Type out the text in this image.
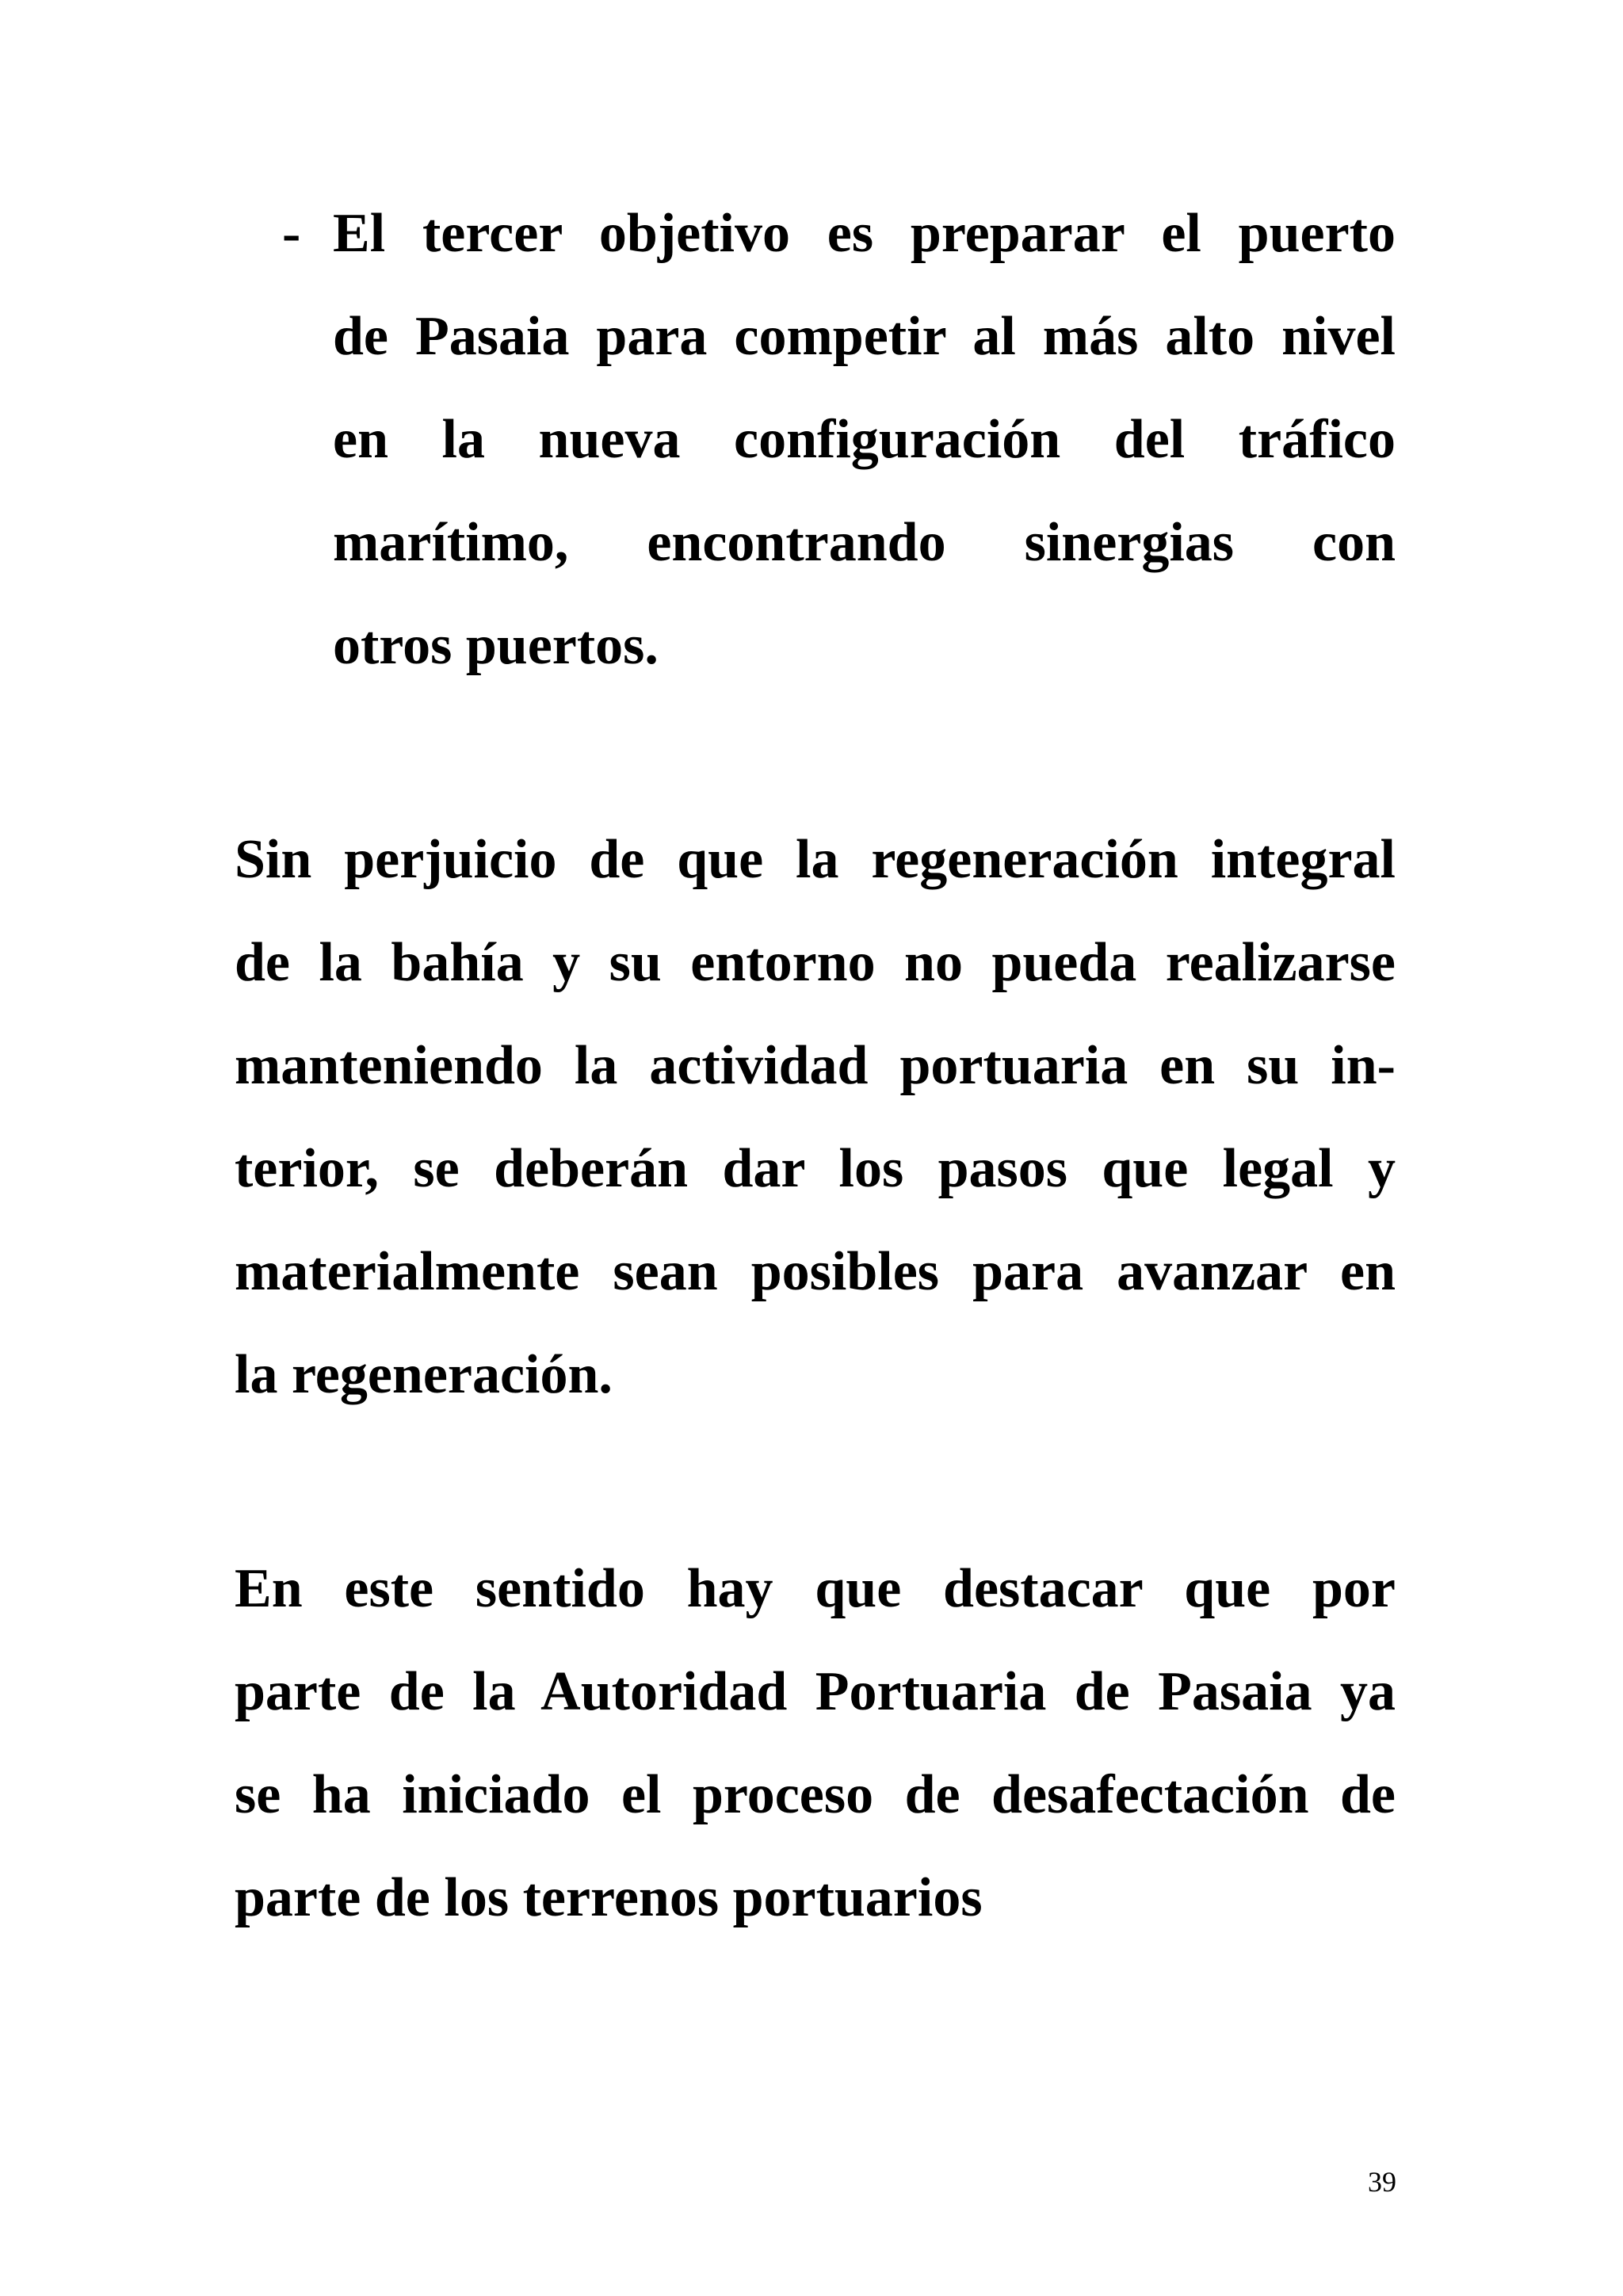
- El tercer objetivo es preparar el puerto
de Pasaia para competir al más alto nivel
en la nueva configuración del tráfico
marítimo, encontrando sinergias con
otros puertos.
Sin perjuicio de que la regeneración integral
de la bahía y su entorno no pueda realizarse
manteniendo la actividad portuaria en su in-
terior, se deberán dar los pasos que legal y
materialmente sean posibles para avanzar en
la regeneración.
En este sentido hay que destacar que por
parte de la Autoridad Portuaria de Pasaia ya
se ha iniciado el proceso de desafectación de
parte de los terrenos portuarios
39
